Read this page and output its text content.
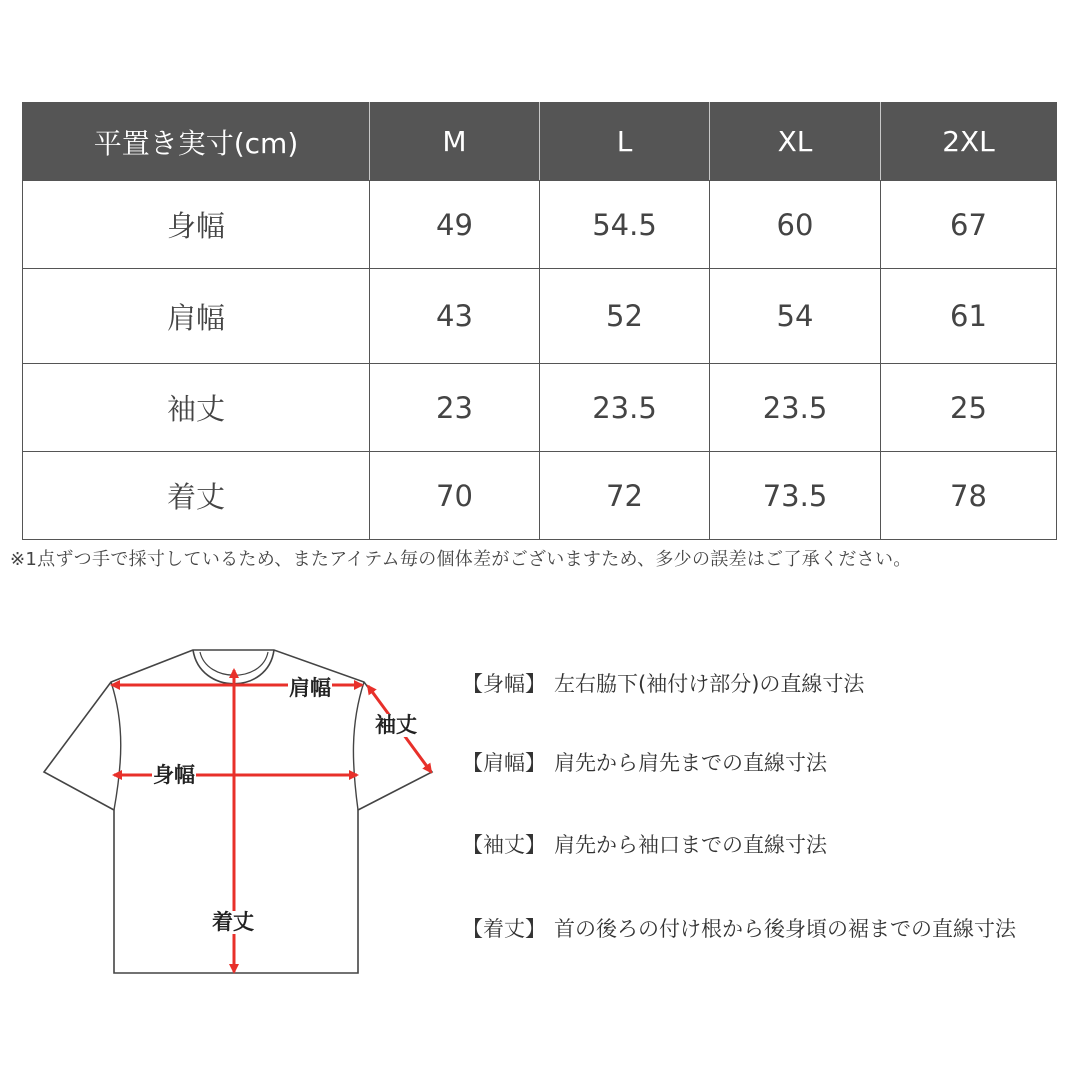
平置き実寸(cm)	M	L	XL	2XL
身幅	49	54.5	60	67
肩幅	43	52	54	61
袖丈	23	23.5	23.5	25
着丈	70	72	73.5	78
※1点ずつ手で採寸しているため、またアイテム毎の個体差がございますため、多少の誤差はご了承ください。
肩幅
袖丈
身幅
着丈
【身幅】 左右脇下(袖付け部分)の直線寸法
【肩幅】 肩先から肩先までの直線寸法
【袖丈】 肩先から袖口までの直線寸法
【着丈】 首の後ろの付け根から後身頃の裾までの直線寸法
